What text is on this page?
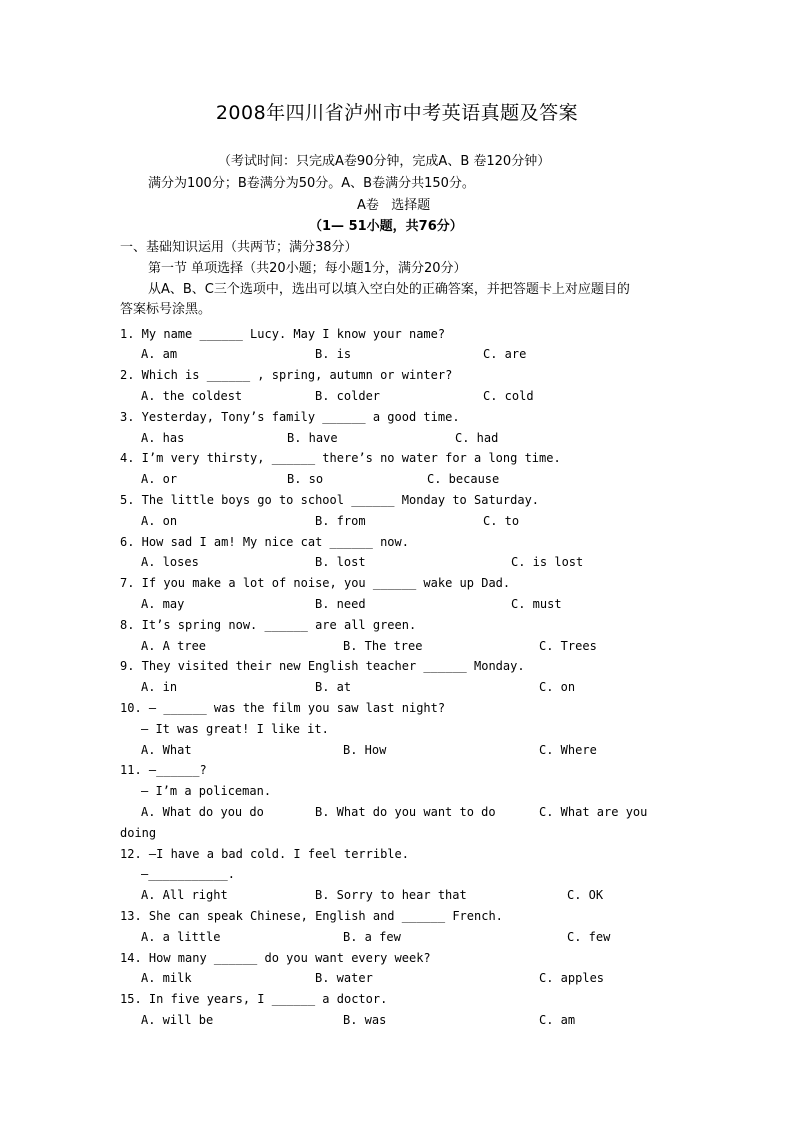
2008年四川省泸州市中考英语真题及答案
（考试时间：只完成A卷90分钟，完成A、B 卷120分钟）
满分为100分；B卷满分为50分。A、B卷满分共150分。
A卷   选择题
（1— 51小题，共76分）
一、基础知识运用（共两节；满分38分）
第一节 单项选择（共20小题；每小题1分，满分20分）
从A、B、C三个选项中，选出可以填入空白处的正确答案，并把答题卡上对应题目的
答案标号涂黑。
1. My name ______ Lucy. May I know your name?
A. am	B. is	C. are
2. Which is ______ , spring, autumn or winter?
A. the coldest	B. colder	C. cold
3. Yesterday, Tony’s family ______ a good time.
A. has	B. have	C. had
4. I’m very thirsty, ______ there’s no water for a long time.
A. or	B. so	C. because
5. The little boys go to school ______ Monday to Saturday.
A. on	B. from	C. to
6. How sad I am! My nice cat ______ now.
A. loses	B. lost	C. is lost
7. If you make a lot of noise, you ______ wake up Dad.
A. may	B. need	C. must
8. It’s spring now. ______ are all green.
A. A tree	B. The tree	C. Trees
9. They visited their new English teacher ______ Monday.
A. in	B. at	C. on
10. — ______ was the film you saw last night?
— It was great! I like it.
A. What	B. How	C. Where
11. —______?
— I’m a policeman.
A. What do you do	B. What do you want to do	C. What are you
doing
12. —I have a bad cold. I feel terrible.
—___________.
A. All right	B. Sorry to hear that	C. OK
13. She can speak Chinese, English and ______ French.
A. a little	B. a few	C. few
14. How many ______ do you want every week?
A. milk	B. water	C. apples
15. In five years, I ______ a doctor.
A. will be	B. was	C. am
